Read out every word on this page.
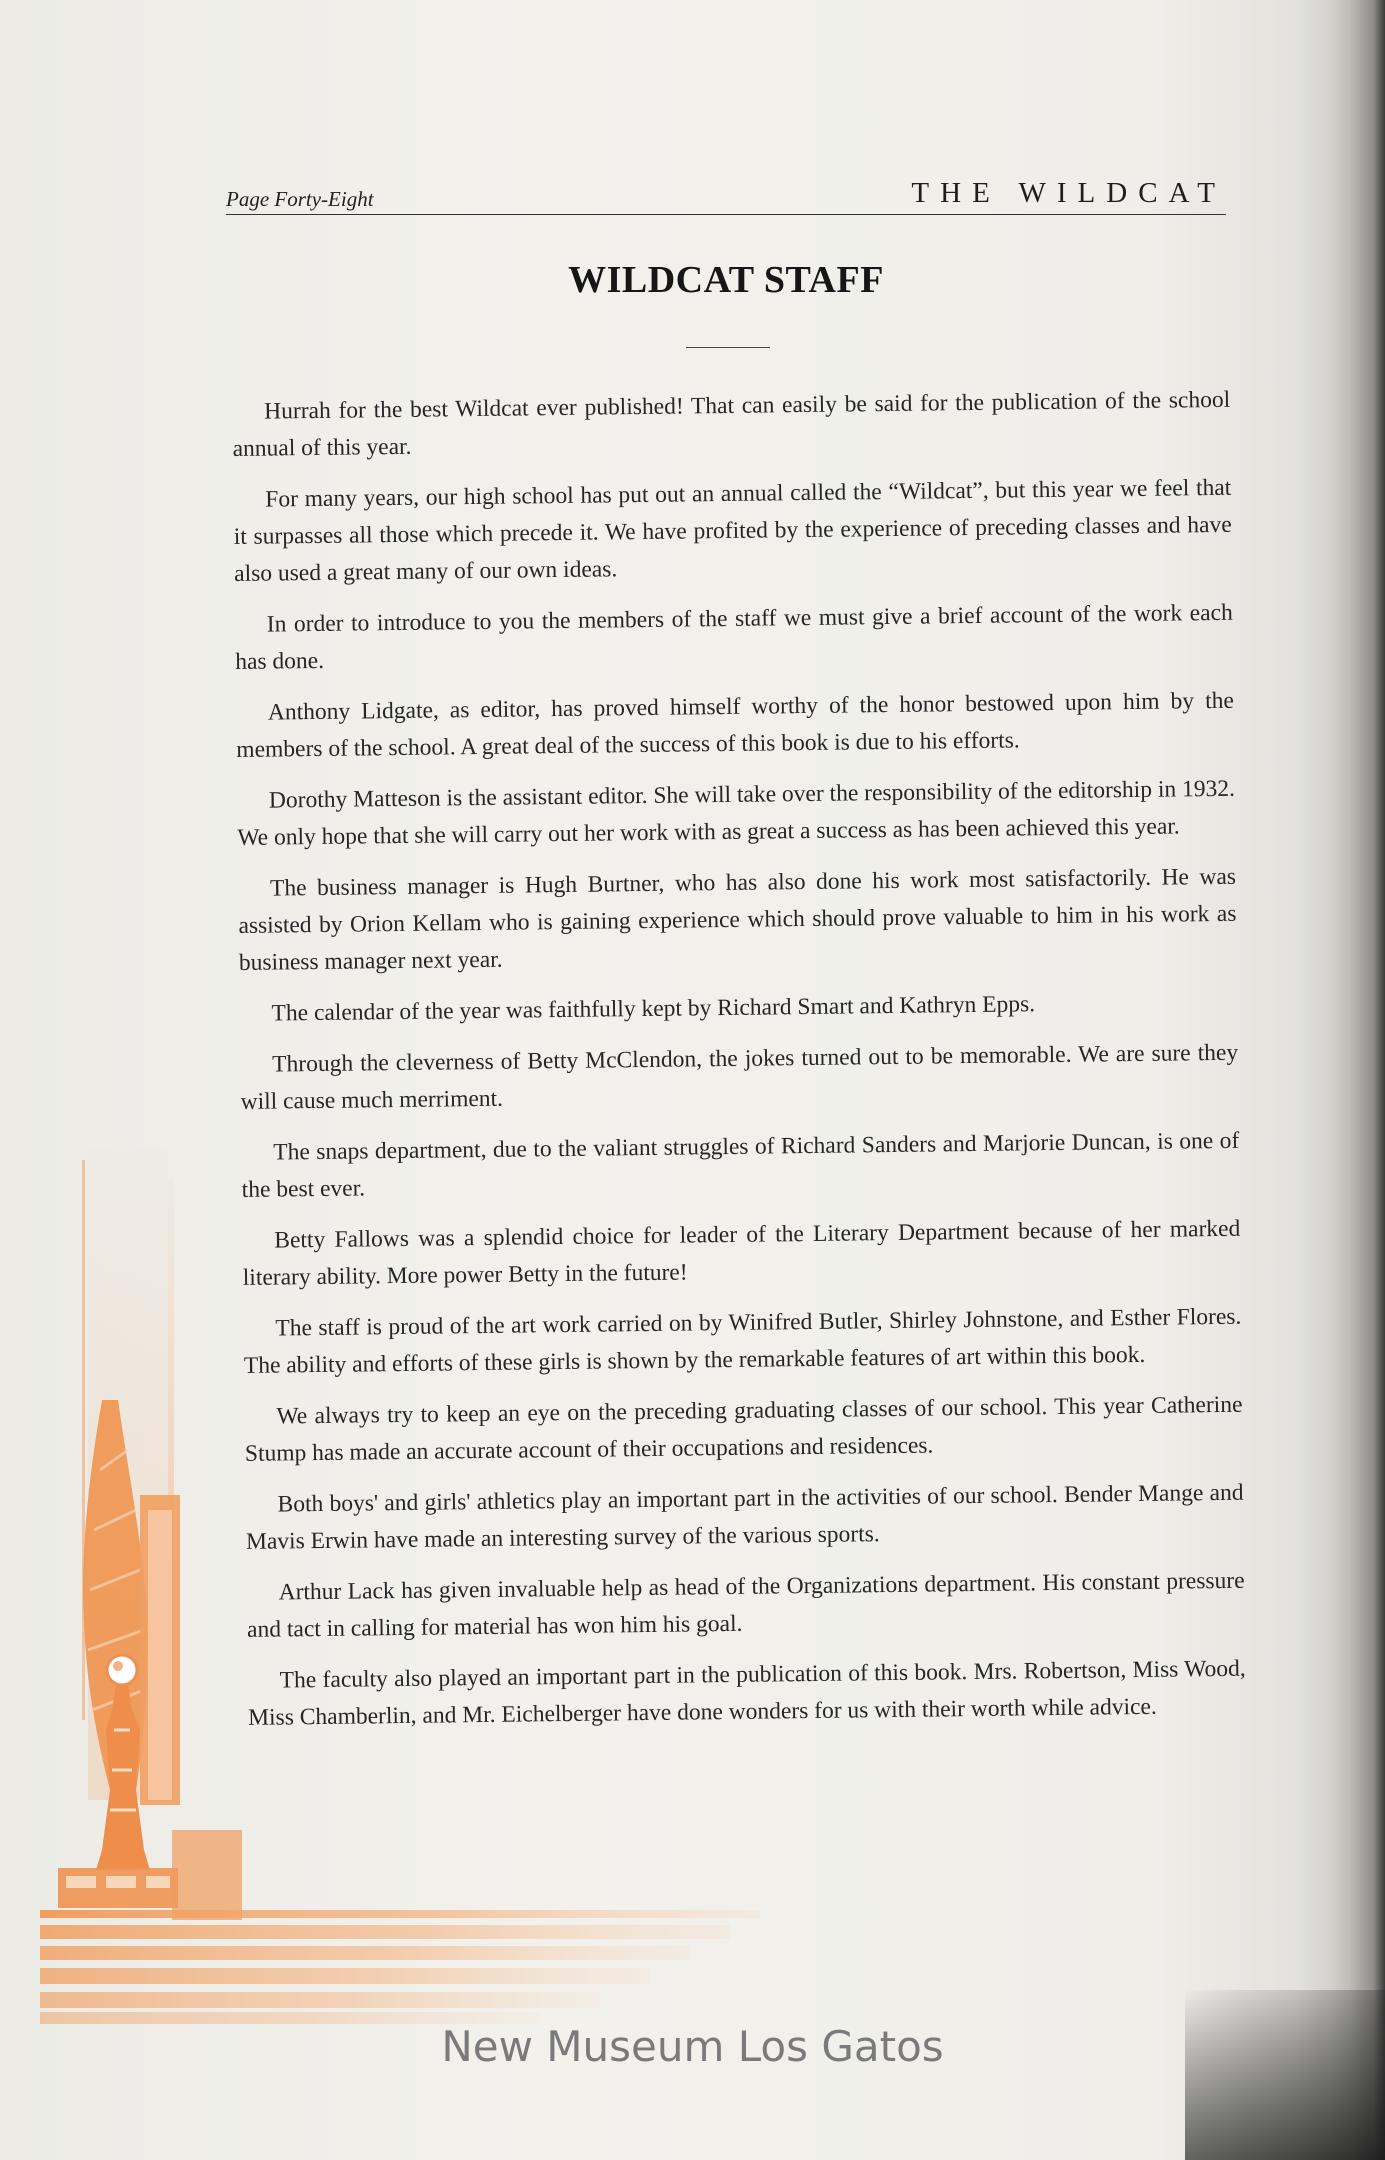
Page Forty-Eight	THE WILDCAT
WILDCAT STAFF

Hurrah for the best Wildcat ever published! That can easily be said for the publication of the school annual of this year.

For many years, our high school has put out an annual called the “Wildcat”, but this year we feel that it surpasses all those which precede it. We have profited by the experience of preceding classes and have also used a great many of our own ideas.

In order to introduce to you the members of the staff we must give a brief account of the work each has done.

Anthony Lidgate, as editor, has proved himself worthy of the honor bestowed upon him by the members of the school. A great deal of the success of this book is due to his efforts.

Dorothy Matteson is the assistant editor. She will take over the responsibility of the editorship in 1932. We only hope that she will carry out her work with as great a success as has been achieved this year.

The business manager is Hugh Burtner, who has also done his work most satisfactorily. He was assisted by Orion Kellam who is gaining experience which should prove valuable to him in his work as business manager next year.

The calendar of the year was faithfully kept by Richard Smart and Kathryn Epps.

Through the cleverness of Betty McClendon, the jokes turned out to be memorable. We are sure they will cause much merriment.

The snaps department, due to the valiant struggles of Richard Sanders and Marjorie Duncan, is one of the best ever.

Betty Fallows was a splendid choice for leader of the Literary Department because of her marked literary ability. More power Betty in the future!

The staff is proud of the art work carried on by Winifred Butler, Shirley Johnstone, and Esther Flores. The ability and efforts of these girls is shown by the remarkable features of art within this book.

We always try to keep an eye on the preceding graduating classes of our school. This year Catherine Stump has made an accurate account of their occupations and residences.

Both boys' and girls' athletics play an important part in the activities of our school. Bender Mange and Mavis Erwin have made an interesting survey of the various sports.

Arthur Lack has given invaluable help as head of the Organizations department. His constant pressure and tact in calling for material has won him his goal.

The faculty also played an important part in the publication of this book. Mrs. Robertson, Miss Wood, Miss Chamberlin, and Mr. Eichelberger have done wonders for us with their worth while advice.

New Museum Los Gatos
